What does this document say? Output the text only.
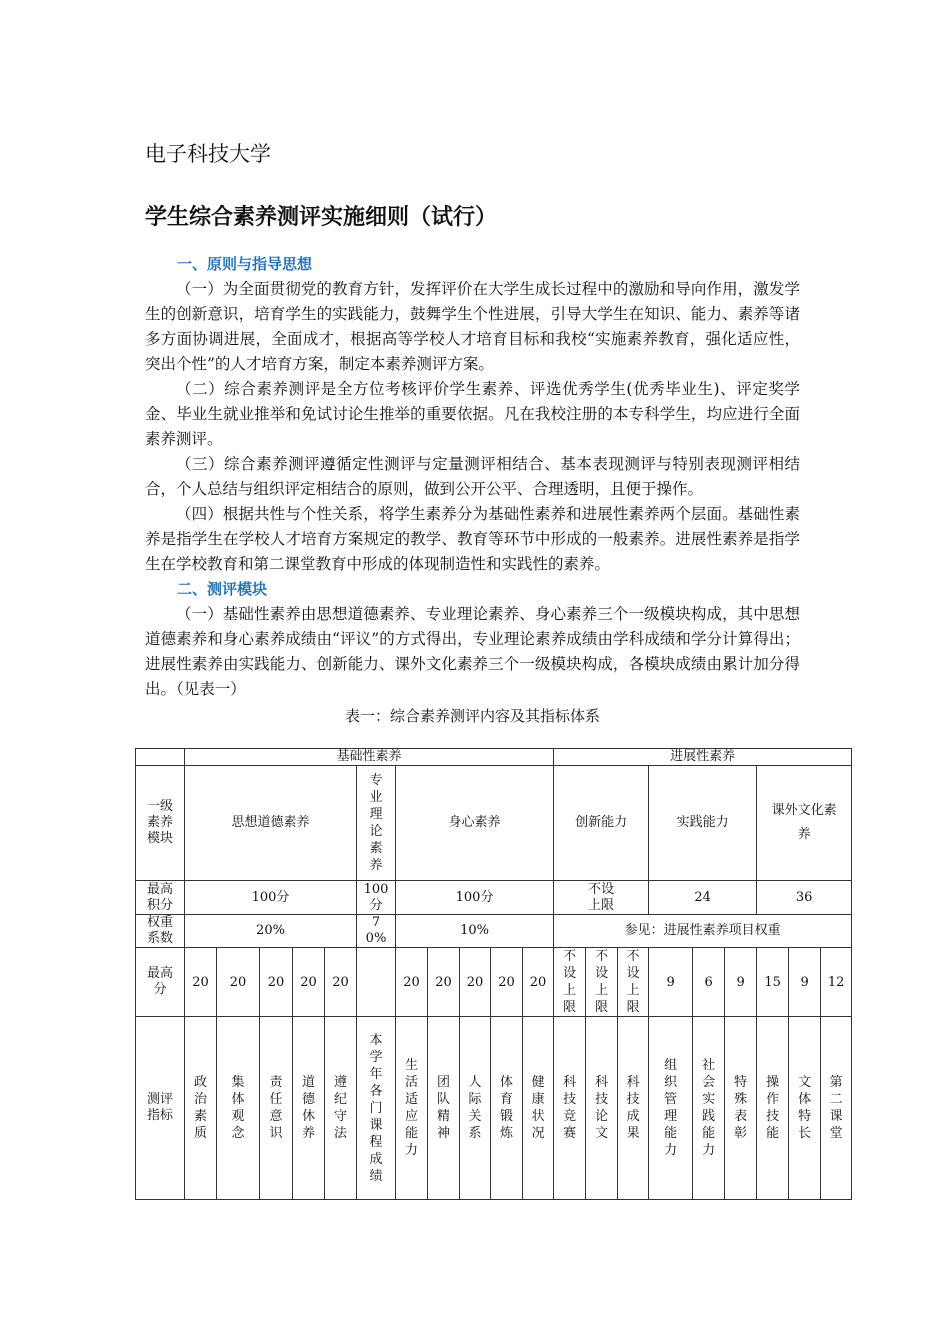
电子科技大学
学生综合素养测评实施细则（试行）
一、原则与指导思想

（一）为全面贯彻党的教育方针，发挥评价在大学生成长过程中的激励和导向作用，激发学生的创新意识，培育学生的实践能力，鼓舞学生个性进展，引导大学生在知识、能力、素养等诸多方面协调进展，全面成才，根据高等学校人才培育目标和我校“实施素养教育，强化适应性，突出个性”的人才培育方案，制定本素养测评方案。

（二）综合素养测评是全方位考核评价学生素养、评选优秀学生(优秀毕业生)、评定奖学金、毕业生就业推举和免试讨论生推举的重要依据。凡在我校注册的本专科学生，均应进行全面素养测评。

（三）综合素养测评遵循定性测评与定量测评相结合、基本表现测评与特别表现测评相结合，个人总结与组织评定相结合的原则，做到公开公平、合理透明，且便于操作。

（四）根据共性与个性关系，将学生素养分为基础性素养和进展性素养两个层面。基础性素养是指学生在学校人才培育方案规定的教学、教育等环节中形成的一般素养。进展性素养是指学生在学校教育和第二课堂教育中形成的体现制造性和实践性的素养。

二、测评模块

（一）基础性素养由思想道德素养、专业理论素养、身心素养三个一级模块构成，其中思想道德素养和身心素养成绩由“评议”的方式得出，专业理论素养成绩由学科成绩和学分计算得出；进展性素养由实践能力、创新能力、课外文化素养三个一级模块构成，各模块成绩由累计加分得出。（见表一）

表一：综合素养测评内容及其指标体系
	基础性素养											进展性素养								
一级素养模块	思想道德素养					专业理论素养	身心素养					创新能力			实践能力			课外文化素养		
最高积分	100分					100分	100分					不设上限			24			36		
权重系数	20%					70%	10%					参见：进展性素养项目权重								
最高分	20	20	20	20	20		20	20	20	20	20	不设上限	不设上限	不设上限	9	6	9	15	9	12
测评指标	政治素质	集体观念	责任意识	道德休养	遵纪守法	本学年各门课程成绩	生活适应能力	团队精神	人际关系	体育锻炼	健康状况	科技竞赛	科技论文	科技成果	组织管理能力	社会实践能力	特殊表彰	操作技能	文体特长	第二课堂
